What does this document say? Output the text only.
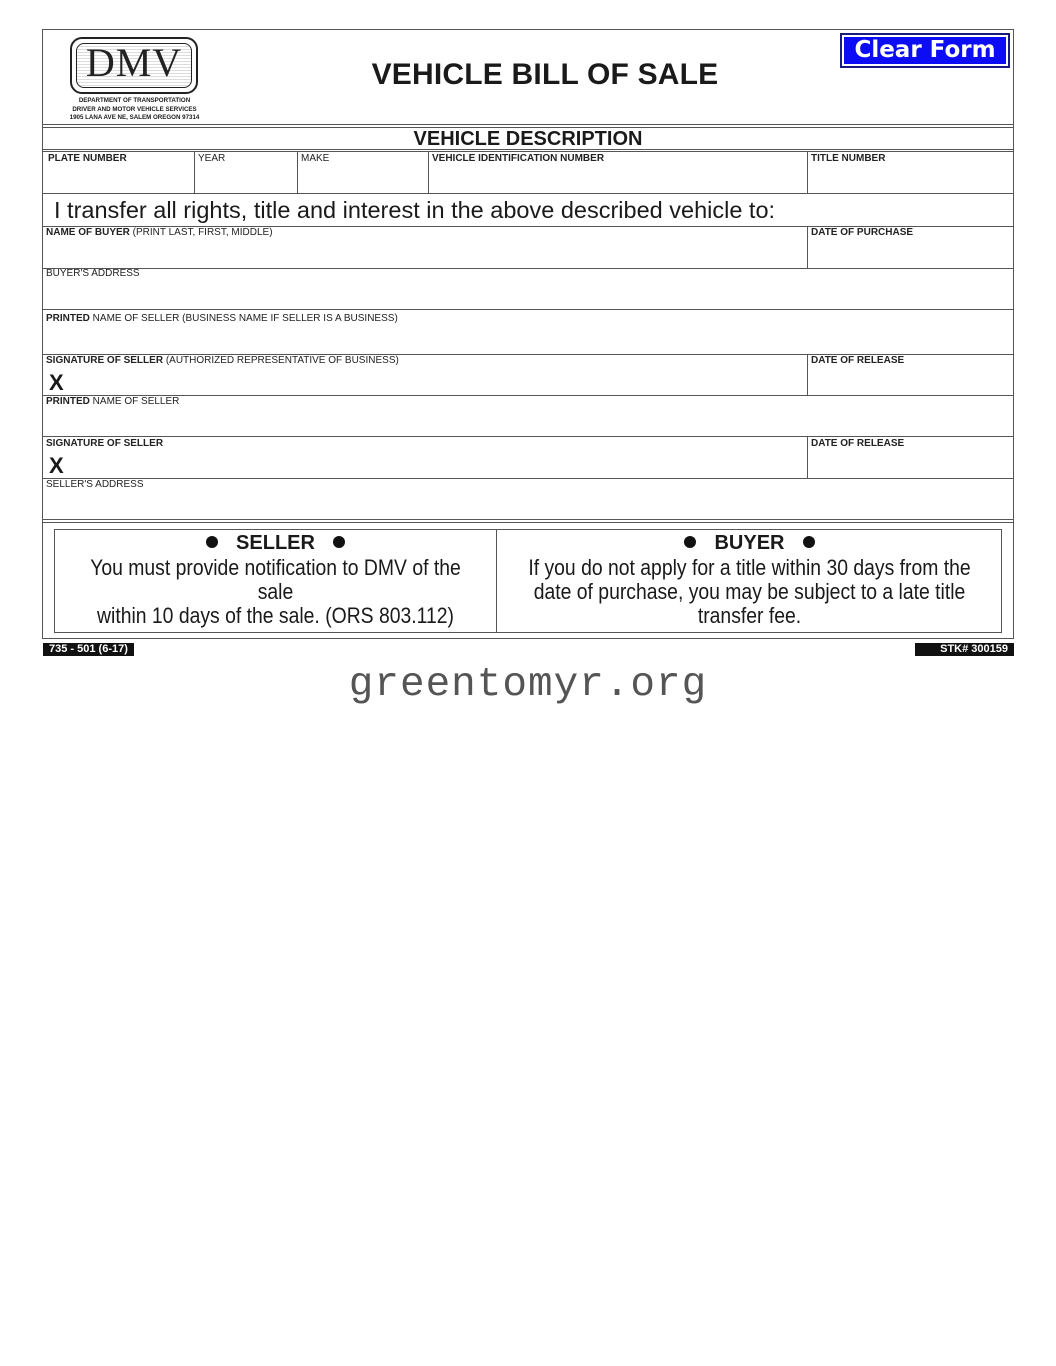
DMV
DEPARTMENT OF TRANSPORTATION
DRIVER AND MOTOR VEHICLE SERVICES
1905 LANA AVE NE, SALEM OREGON 97314
VEHICLE BILL OF SALE
Clear Form
VEHICLE DESCRIPTION
PLATE NUMBER	YEAR	MAKE	VEHICLE IDENTIFICATION NUMBER	TITLE NUMBER
I transfer all rights, title and interest in the above described vehicle to:
NAME OF BUYER (PRINT LAST, FIRST, MIDDLE)	DATE OF PURCHASE
BUYER'S ADDRESS
PRINTED NAME OF SELLER (BUSINESS NAME IF SELLER IS A BUSINESS)
SIGNATURE OF SELLER (AUTHORIZED REPRESENTATIVE OF BUSINESS)
X
DATE OF RELEASE
PRINTED NAME OF SELLER
SIGNATURE OF SELLER
X
DATE OF RELEASE
SELLER'S ADDRESS
SELLER
You must provide notification to DMV of the sale
within 10 days of the sale. (ORS 803.112)
BUYER
If you do not apply for a title within 30 days from the
date of purchase, you may be subject to a late title
transfer fee.
735 - 501 (6-17)	STK# 300159
greentomyr.org
